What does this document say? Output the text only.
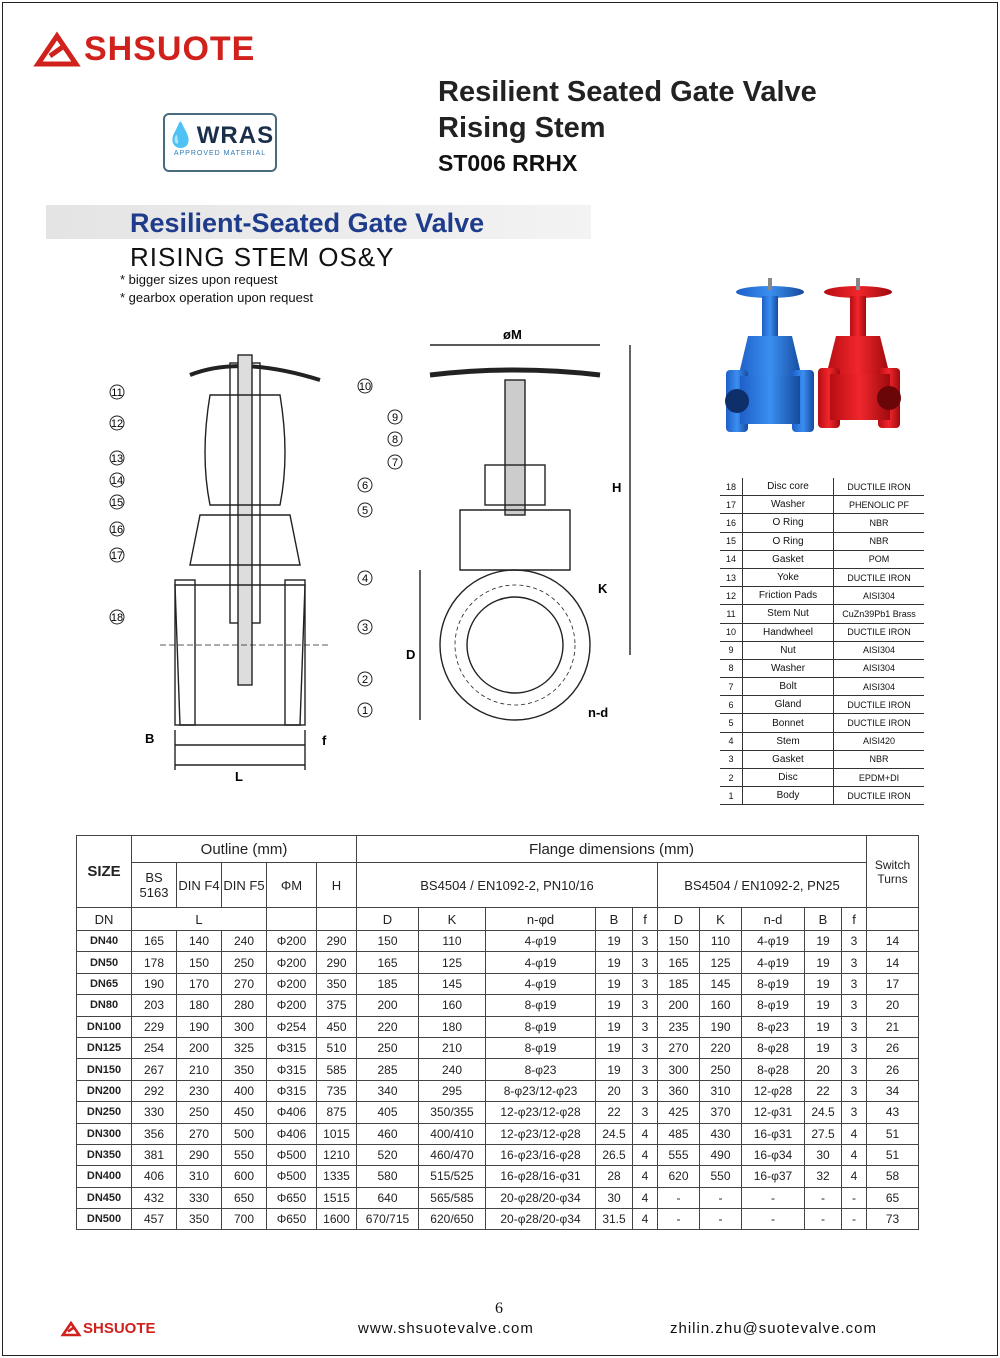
SHSUOTE
💧WRAS
APPROVED MATERIAL
Resilient Seated Gate Valve
Rising Stem
ST006 RRHX
Resilient-Seated Gate Valve
RISING STEM OS&Y
* bigger sizes upon request
* gearbox operation upon request
11
12
13
14
15
16
17
18
10
6
5
4
3
2
1
B	f
L
øM
H
D
K
n-d
9
8
7
18	Disc core	DUCTILE IRON
17	Washer	PHENOLIC PF
16	O Ring	NBR
15	O Ring	NBR
14	Gasket	POM
13	Yoke	DUCTILE IRON
12	Friction Pads	AISI304
11	Stem Nut	CuZn39Pb1 Brass
10	Handwheel	DUCTILE IRON
9	Nut	AISI304
8	Washer	AISI304
7	Bolt	AISI304
6	Gland	DUCTILE IRON
5	Bonnet	DUCTILE IRON
4	Stem	AISI420
3	Gasket	NBR
2	Disc	EPDM+DI
1	Body	DUCTILE IRON
SIZE	Outline (mm)					Flange dimensions (mm)										Switch Turns
	BS 5163	DIN F4	DIN F5	ΦM	H	BS4504 / EN1092-2, PN10/16					BS4504 / EN1092-2, PN25					
DN	L					D	K	n-φd	B	f	D	K	n-d	B	f	
DN40	165	140	240	Φ200	290	150	110	4-φ19	19	3	150	110	4-φ19	19	3	14
DN50	178	150	250	Φ200	290	165	125	4-φ19	19	3	165	125	4-φ19	19	3	14
DN65	190	170	270	Φ200	350	185	145	4-φ19	19	3	185	145	8-φ19	19	3	17
DN80	203	180	280	Φ200	375	200	160	8-φ19	19	3	200	160	8-φ19	19	3	20
DN100	229	190	300	Φ254	450	220	180	8-φ19	19	3	235	190	8-φ23	19	3	21
DN125	254	200	325	Φ315	510	250	210	8-φ19	19	3	270	220	8-φ28	19	3	26
DN150	267	210	350	Φ315	585	285	240	8-φ23	19	3	300	250	8-φ28	20	3	26
DN200	292	230	400	Φ315	735	340	295	8-φ23/12-φ23	20	3	360	310	12-φ28	22	3	34
DN250	330	250	450	Φ406	875	405	350/355	12-φ23/12-φ28	22	3	425	370	12-φ31	24.5	3	43
DN300	356	270	500	Φ406	1015	460	400/410	12-φ23/12-φ28	24.5	4	485	430	16-φ31	27.5	4	51
DN350	381	290	550	Φ500	1210	520	460/470	16-φ23/16-φ28	26.5	4	555	490	16-φ34	30	4	51
DN400	406	310	600	Φ500	1335	580	515/525	16-φ28/16-φ31	28	4	620	550	16-φ37	32	4	58
DN450	432	330	650	Φ650	1515	640	565/585	20-φ28/20-φ34	30	4	-	-	-	-	-	65
DN500	457	350	700	Φ650	1600	670/715	620/650	20-φ28/20-φ34	31.5	4	-	-	-	-	-	73
6
SHSUOTE	www.shsuotevalve.com	zhilin.zhu@suotevalve.com
